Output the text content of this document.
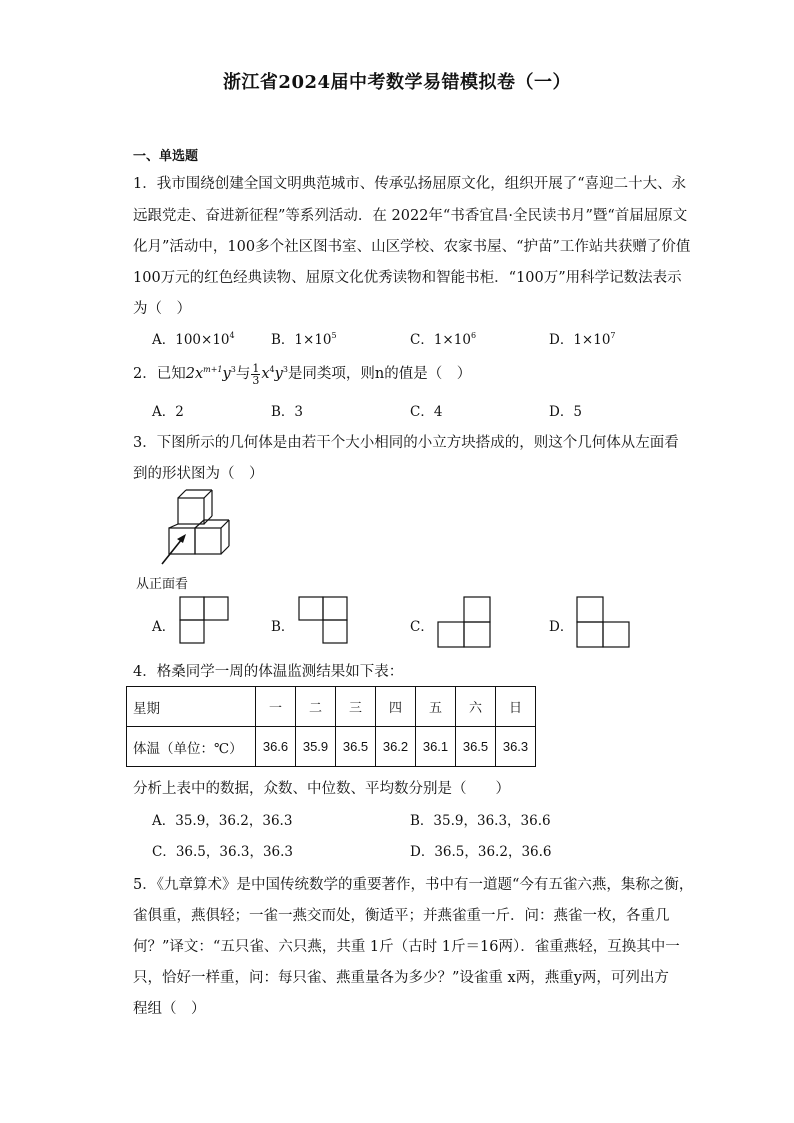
浙江省2024届中考数学易错模拟卷（一）
一、单选题
1．我市围绕创建全国文明典范城市、传承弘扬屈原文化，组织开展了“喜迎二十大、永
远跟党走、奋进新征程”等系列活动．在 2022年“书香宜昌·全民读书月”暨“首届屈原文
化月”活动中，100多个社区图书室、山区学校、农家书屋、“护苗”工作站共获赠了价值
100万元的红色经典读物、屈原文化优秀读物和智能书柜．“100万”用科学记数法表示
为（　）
A．$100\times 10^4$	B．$1\times 10^5$	C．$1\times 10^6$	D．$1\times 10^7$
2．已知$2x^{m+1}y^3$与 $\frac{1}{3} x^4y^3$是同类项，则n的值是（　）
A．2	B．3	C．4	D．5
3．下图所示的几何体是由若干个大小相同的小立方块搭成的，则这个几何体从左面看
到的形状图为（　）
从正面看
A．	B．	C．	D．
4．格桑同学一周的体温监测结果如下表：
星期	一	二	三	四	五	六	日
体温（单位：℃）	36.6	35.9	36.5	36.2	36.1	36.5	36.3
分析上表中的数据，众数、中位数、平均数分别是（　　）
A．35.9，36.2，36.3	B．35.9，36.3，36.6
C．36.5，36.3，36.3	D．36.5，36.2，36.6
5．《九章算术》是中国传统数学的重要著作，书中有一道题“今有五雀六燕，集称之衡，
雀俱重，燕俱轻；一雀一燕交而处，衡适平；并燕雀重一斤．问：燕雀一枚，各重几
何？”译文：“五只雀、六只燕，共重 1斤（古时 1斤＝16两）．雀重燕轻，互换其中一
只，恰好一样重，问：每只雀、燕重量各为多少？”设雀重 x两，燕重y两，可列出方
程组（　）
